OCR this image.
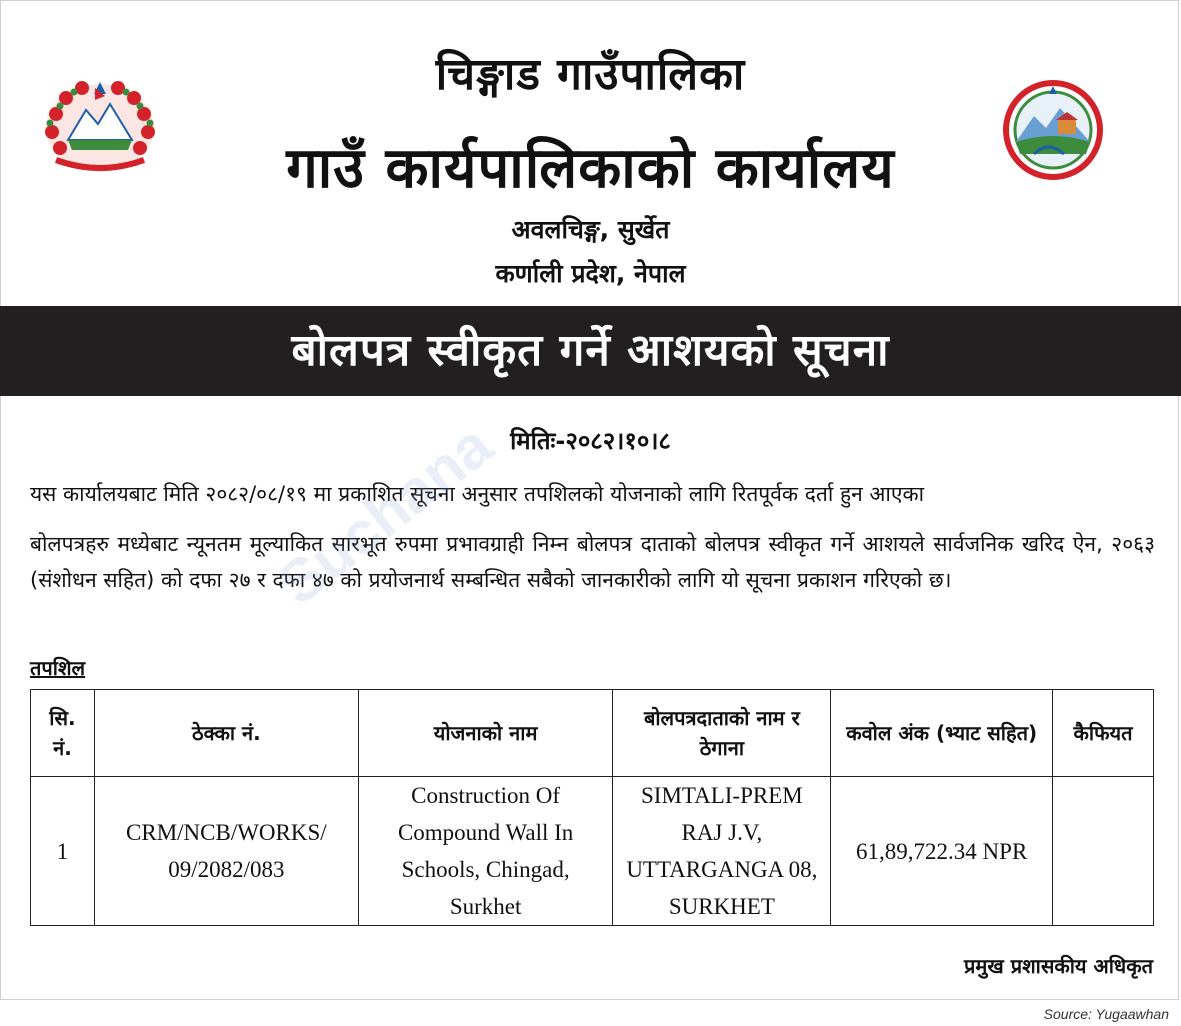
चिङ्गाड गाउँपालिका
गाउँ कार्यपालिकाको कार्यालय
अवलचिङ्ग, सुर्खेत
कर्णाली प्रदेश, नेपाल
बोलपत्र स्वीकृत गर्ने आशयको सूचना
मितिः-२०८२।१०।८

यस कार्यालयबाट मिति २०८२/०८/१९ मा प्रकाशित सूचना अनुसार तपशिलको योजनाको लागि रितपूर्वक दर्ता हुन आएका

बोलपत्रहरु मध्येबाट न्यूनतम मूल्याकित सारभूत रुपमा प्रभावग्राही निम्न बोलपत्र दाताको बोलपत्र स्वीकृत गर्ने आशयले सार्वजनिक खरिद ऐन, २०६३ (संशोधन सहित) को दफा २७ र दफा ४७ को प्रयोजनार्थ सम्बन्धित सबैको जानकारीको लागि यो सूचना प्रकाशन गरिएको छ।

तपशिल
सि. नं.	ठेक्का नं.	योजनाको नाम	बोलपत्रदाताको नाम र ठेगाना	कवोल अंक (भ्याट सहित)	कैफियत
1	CRM/NCB/WORKS/ 09/2082/083	Construction Of Compound Wall In Schools, Chingad, Surkhet	SIMTALI-PREM RAJ J.V, UTTARGANGA 08, SURKHET	61,89,722.34 NPR	
प्रमुख प्रशासकीय अधिकृत
Source: Yugaawhan
Suchana
